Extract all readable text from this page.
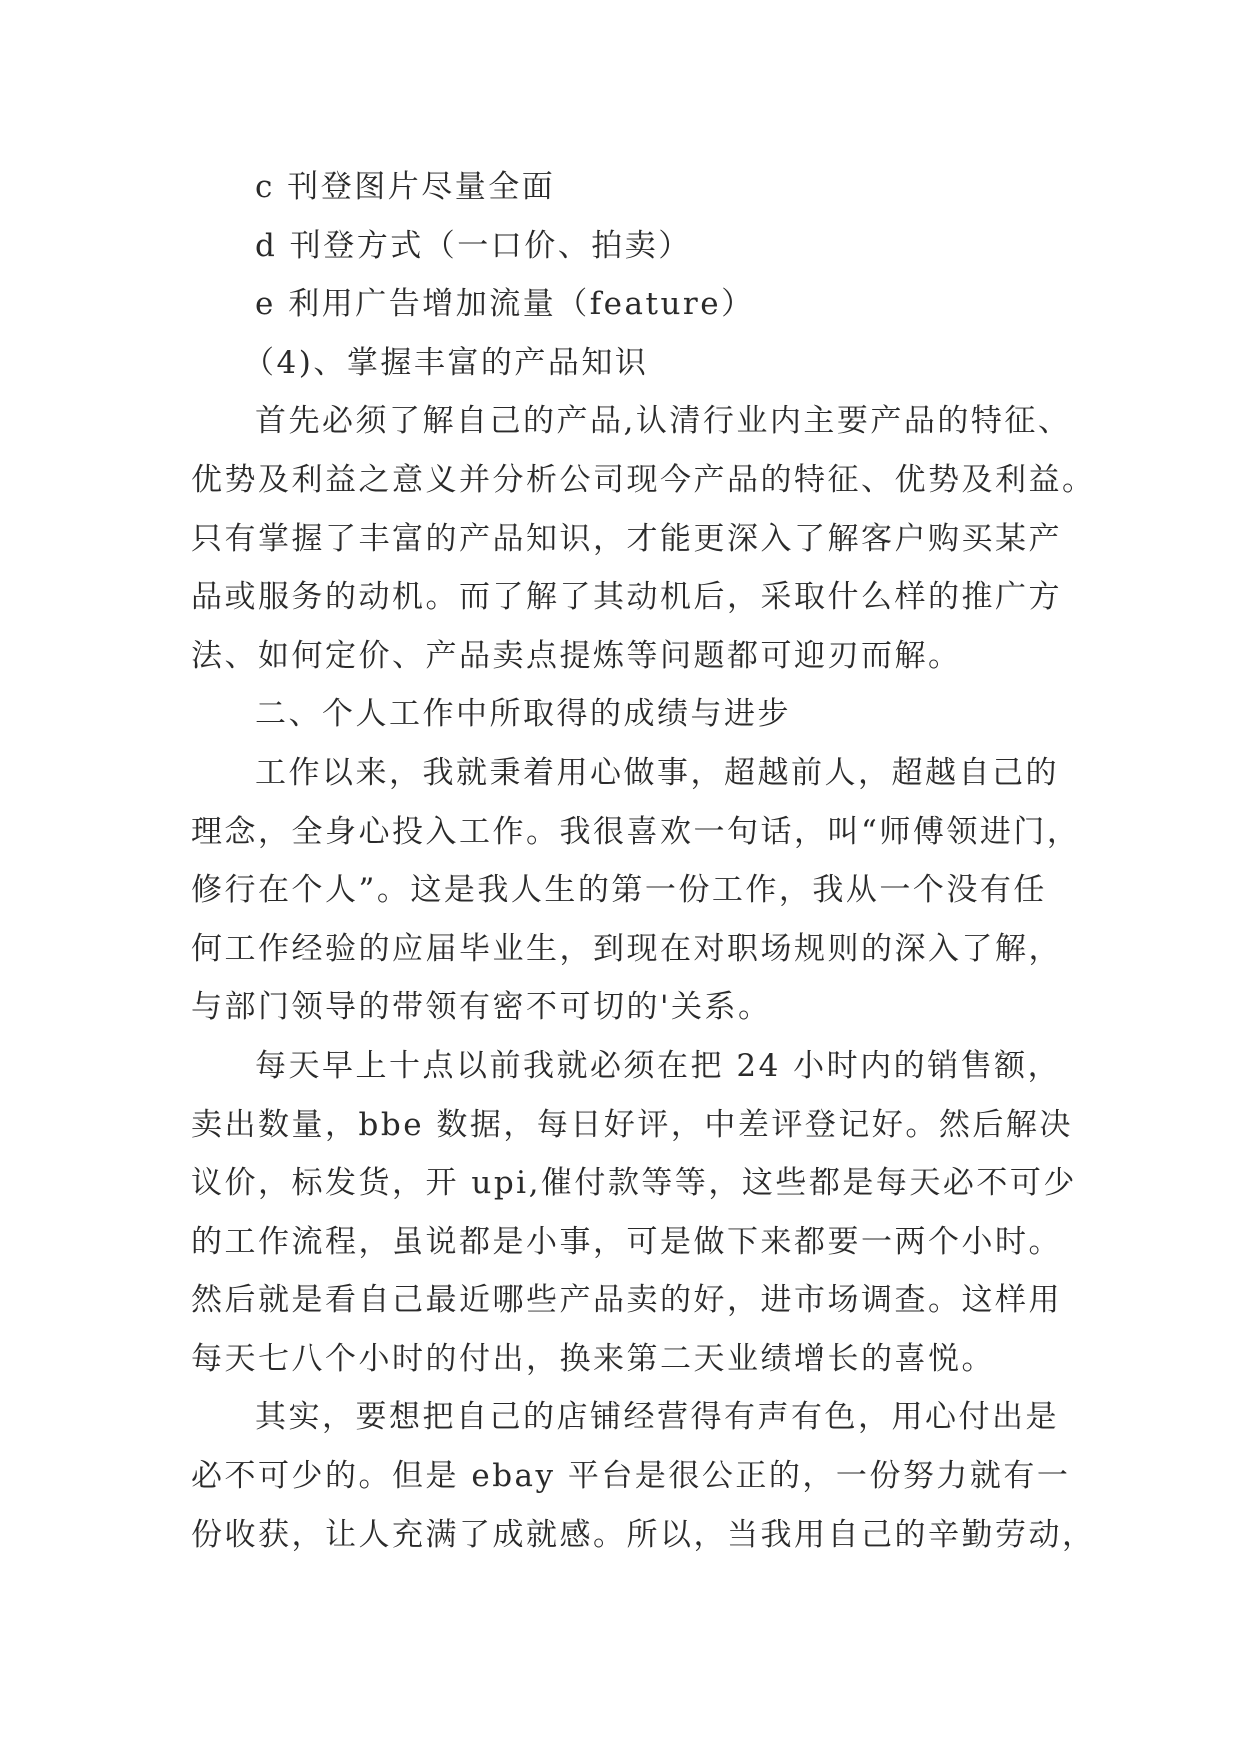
c 刊登图片尽量全面
d 刊登方式（一口价、拍卖）
e 利用广告增加流量（feature）
（4)、掌握丰富的产品知识
首先必须了解自己的产品,认清行业内主要产品的特征、
优势及利益之意义并分析公司现今产品的特征、优势及利益。
只有掌握了丰富的产品知识，才能更深入了解客户购买某产
品或服务的动机。而了解了其动机后，采取什么样的推广方
法、如何定价、产品卖点提炼等问题都可迎刃而解。
二、个人工作中所取得的成绩与进步
工作以来，我就秉着用心做事，超越前人，超越自己的
理念，全身心投入工作。我很喜欢一句话，叫“师傅领进门，
修行在个人”。这是我人生的第一份工作，我从一个没有任
何工作经验的应届毕业生，到现在对职场规则的深入了解，
与部门领导的带领有密不可切的'关系。
每天早上十点以前我就必须在把 24 小时内的销售额，
卖出数量，bbe 数据，每日好评，中差评登记好。然后解决
议价，标发货，开 upi,催付款等等，这些都是每天必不可少
的工作流程，虽说都是小事，可是做下来都要一两个小时。
然后就是看自己最近哪些产品卖的好，进市场调查。这样用
每天七八个小时的付出，换来第二天业绩增长的喜悦。
其实，要想把自己的店铺经营得有声有色，用心付出是
必不可少的。但是 ebay 平台是很公正的，一份努力就有一
份收获，让人充满了成就感。所以，当我用自己的辛勤劳动，
